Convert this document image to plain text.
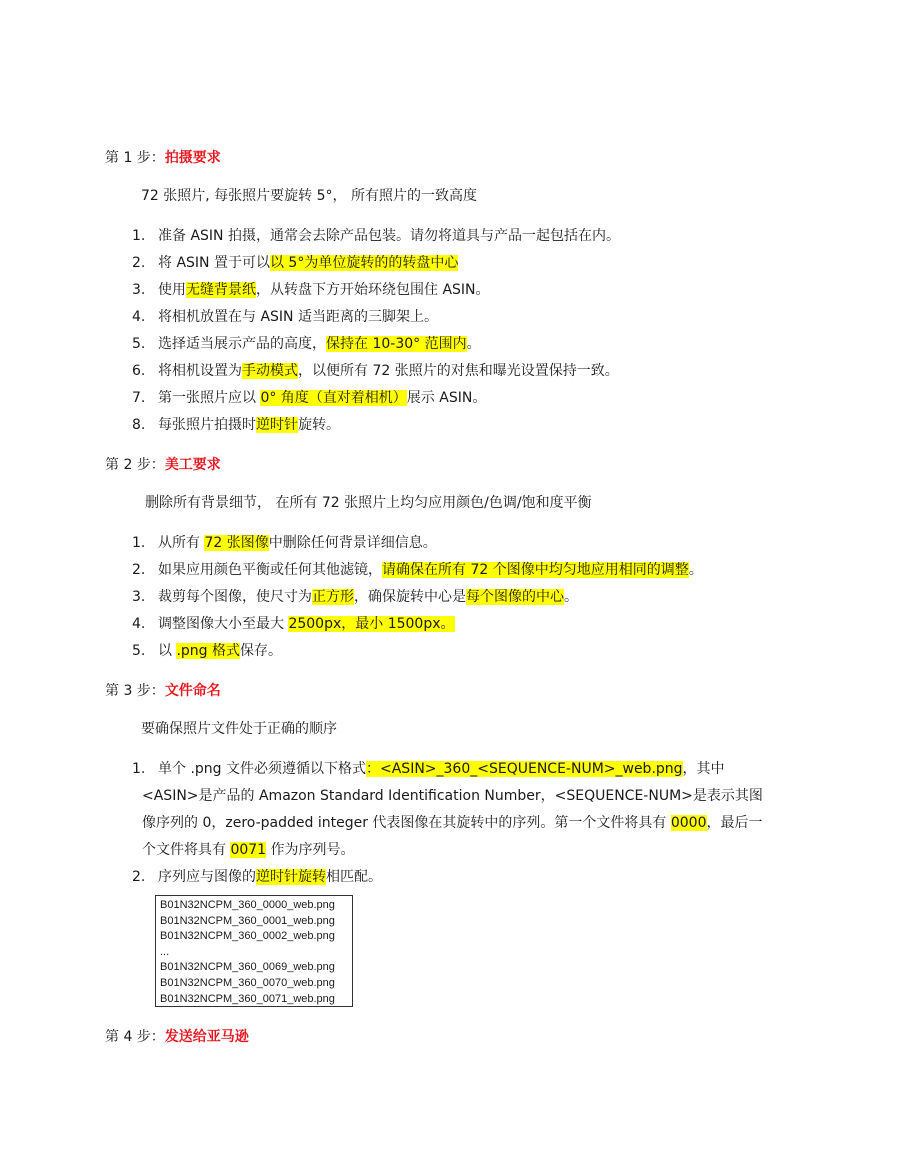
第 1 步：拍摄要求
72 张照片, 每张照片要旋转 5°， 所有照片的一致高度
1. 准备 ASIN 拍摄，通常会去除产品包装。请勿将道具与产品一起包括在内。
2. 将 ASIN 置于可以以 5°为单位旋转的的转盘中心
3. 使用无缝背景纸，从转盘下方开始环绕包围住 ASIN。
4. 将相机放置在与 ASIN 适当距离的三脚架上。
5. 选择适当展示产品的高度，保持在 10-30° 范围内。
6. 将相机设置为手动模式，以便所有 72 张照片的对焦和曝光设置保持一致。
7. 第一张照片应以 0° 角度（直对着相机）展示 ASIN。
8. 每张照片拍摄时逆时针旋转。
第 2 步：美工要求
删除所有背景细节， 在所有 72 张照片上均匀应用颜色/色调/饱和度平衡
1. 从所有 72 张图像中删除任何背景详细信息。
2. 如果应用颜色平衡或任何其他滤镜，请确保在所有 72 个图像中均匀地应用相同的调整。
3. 裁剪每个图像，使尺寸为正方形，确保旋转中心是每个图像的中心。
4. 调整图像大小至最大 2500px，最小 1500px。
5. 以 .png 格式保存。
第 3 步：文件命名
要确保照片文件处于正确的顺序
1. 单个 .png 文件必须遵循以下格式：<ASIN>_360_<SEQUENCE-NUM>_web.png，其中
<ASIN>是产品的 Amazon Standard Identification Number，<SEQUENCE-NUM>是表示其图
像序列的 0，zero-padded integer 代表图像在其旋转中的序列。第一个文件将具有 0000，最后一
个文件将具有 0071 作为序列号。
2. 序列应与图像的逆时针旋转相匹配。
B01N32NCPM_360_0000_web.png
B01N32NCPM_360_0001_web.png
B01N32NCPM_360_0002_web.png
...
B01N32NCPM_360_0069_web.png
B01N32NCPM_360_0070_web.png
B01N32NCPM_360_0071_web.png
第 4 步：发送给亚马逊
